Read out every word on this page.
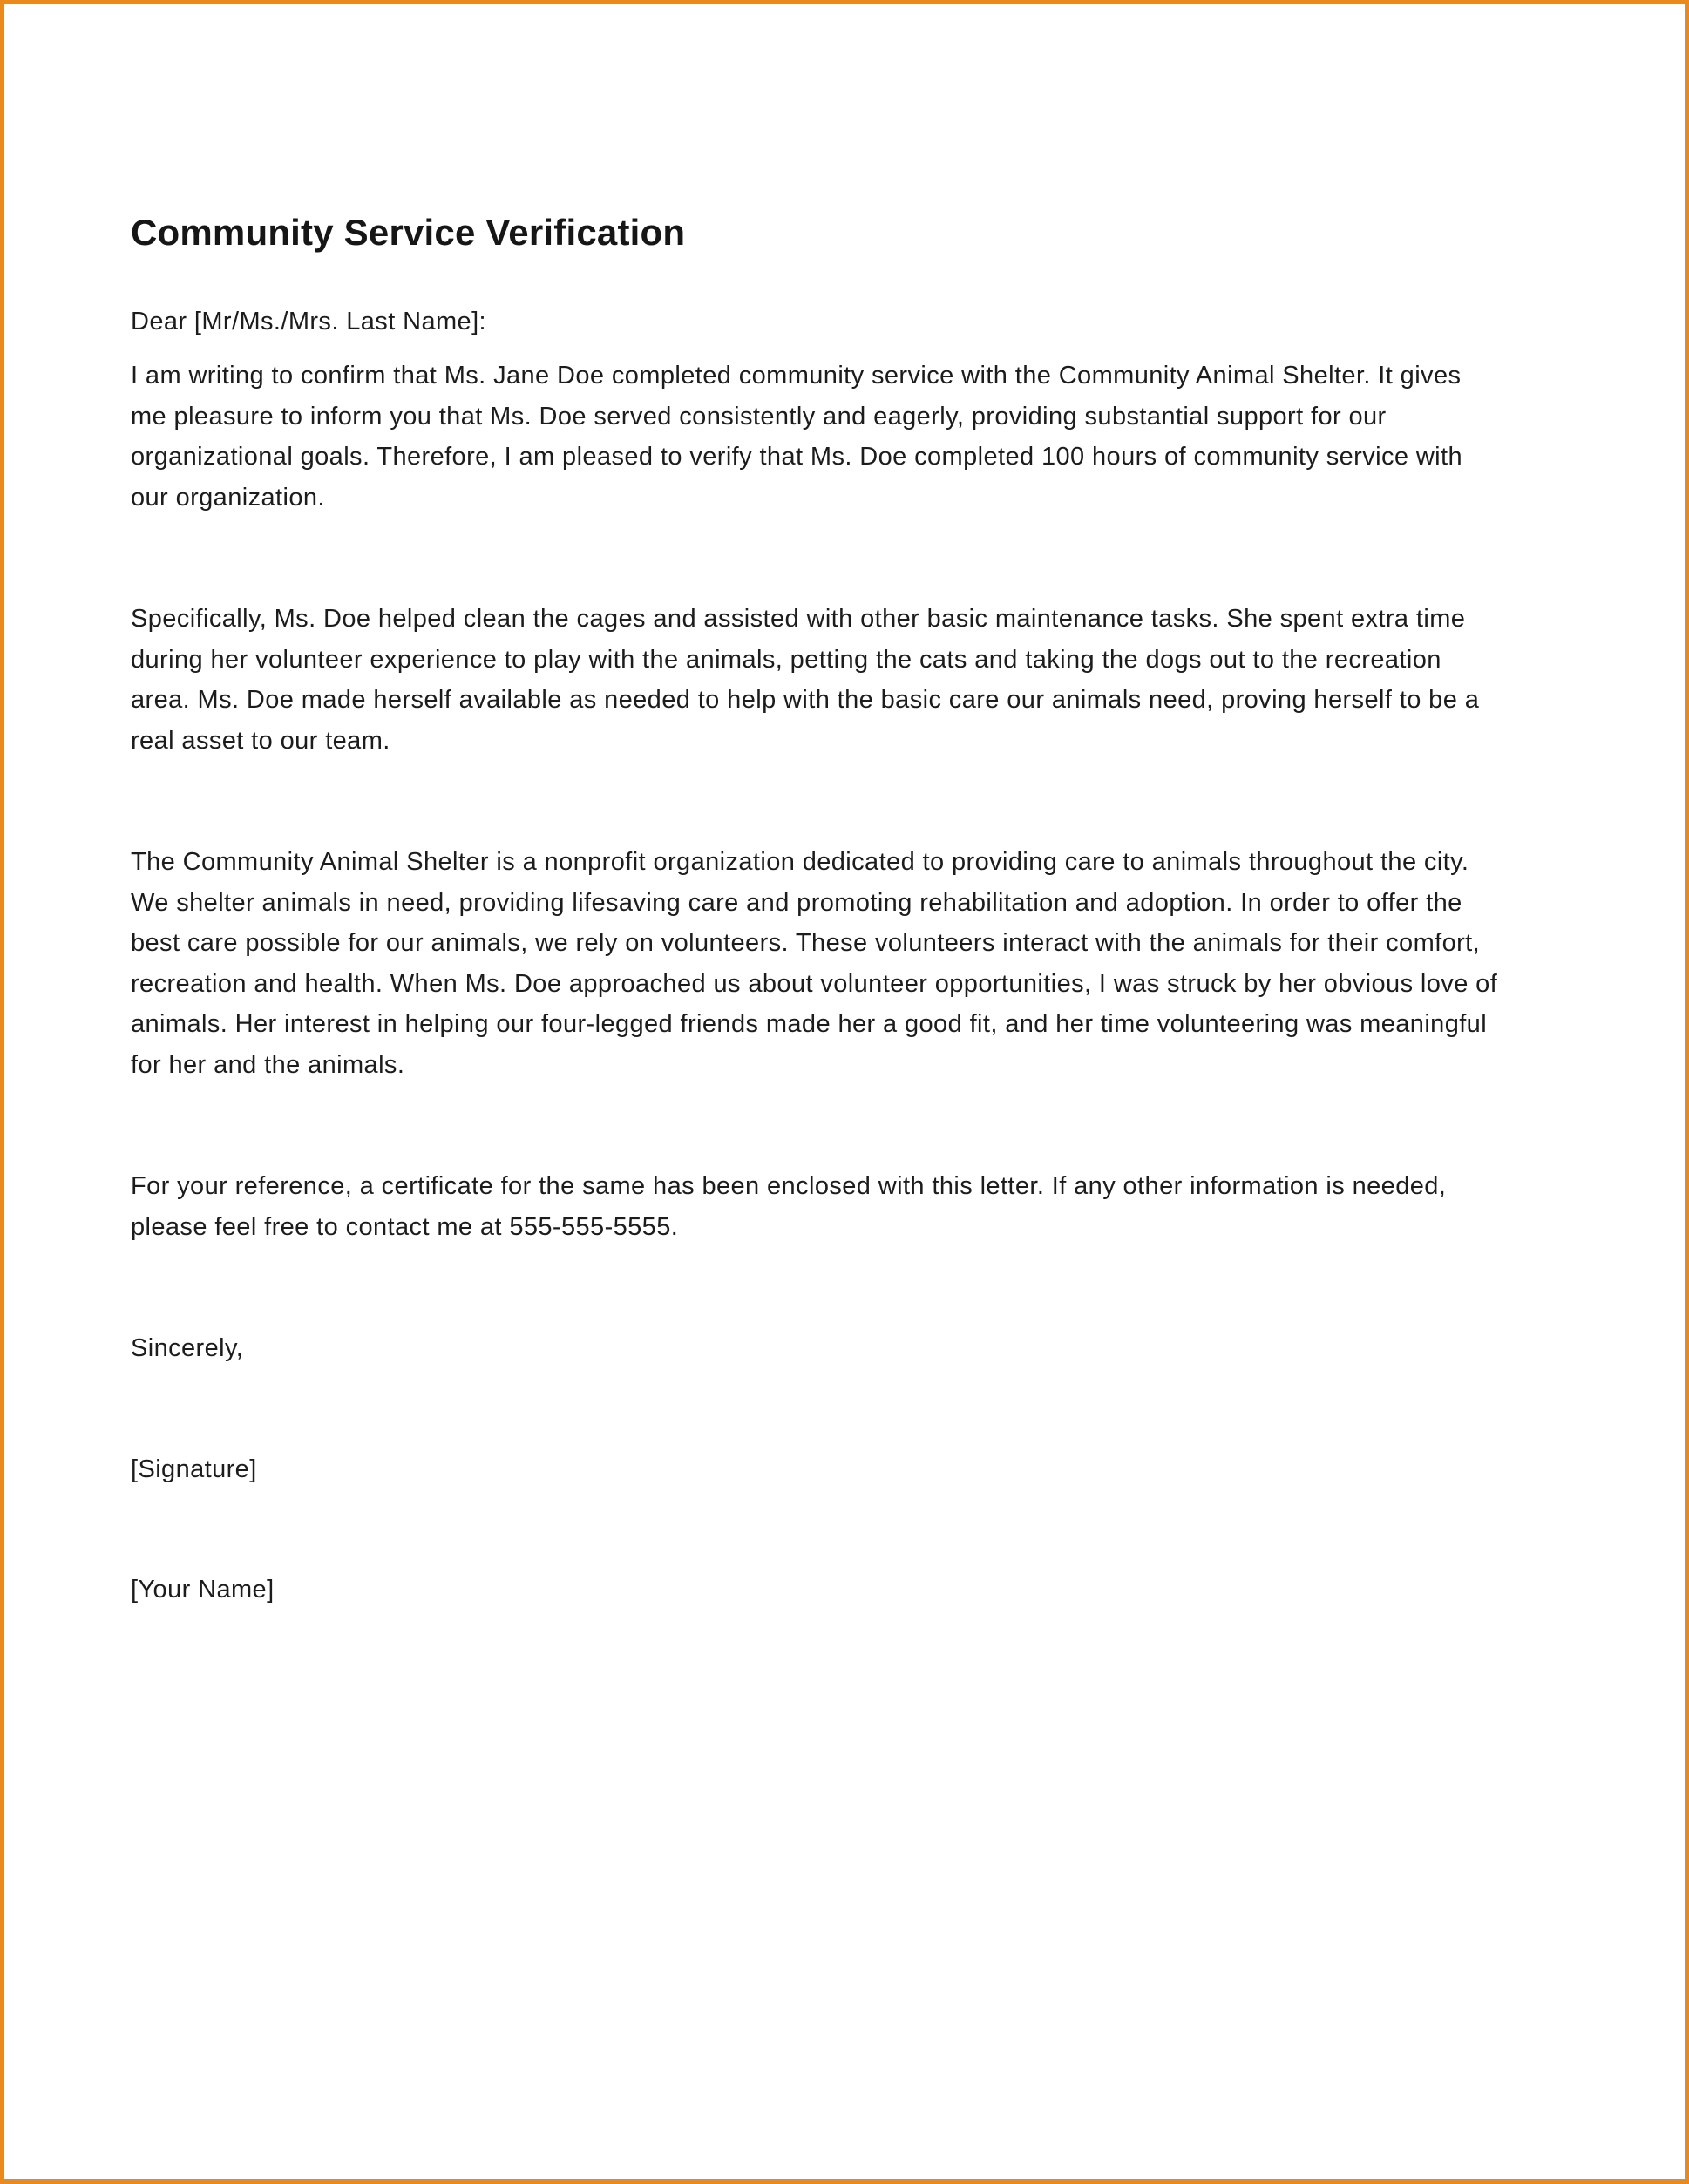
Community Service Verification

Dear [Mr/Ms./Mrs. Last Name]:

I am writing to confirm that Ms. Jane Doe completed community service with the Community Animal Shelter. It gives me pleasure to inform you that Ms. Doe served consistently and eagerly, providing substantial support for our organizational goals. Therefore, I am pleased to verify that Ms. Doe completed 100 hours of community service with our organization.

Specifically, Ms. Doe helped clean the cages and assisted with other basic maintenance tasks. She spent extra time during her volunteer experience to play with the animals, petting the cats and taking the dogs out to the recreation area. Ms. Doe made herself available as needed to help with the basic care our animals need, proving herself to be a real asset to our team.

The Community Animal Shelter is a nonprofit organization dedicated to providing care to animals throughout the city. We shelter animals in need, providing lifesaving care and promoting rehabilitation and adoption. In order to offer the best care possible for our animals, we rely on volunteers. These volunteers interact with the animals for their comfort, recreation and health. When Ms. Doe approached us about volunteer opportunities, I was struck by her obvious love of animals. Her interest in helping our four-legged friends made her a good fit, and her time volunteering was meaningful for her and the animals.

For your reference, a certificate for the same has been enclosed with this letter. If any other information is needed, please feel free to contact me at 555-555-5555.

Sincerely,

[Signature]

[Your Name]
